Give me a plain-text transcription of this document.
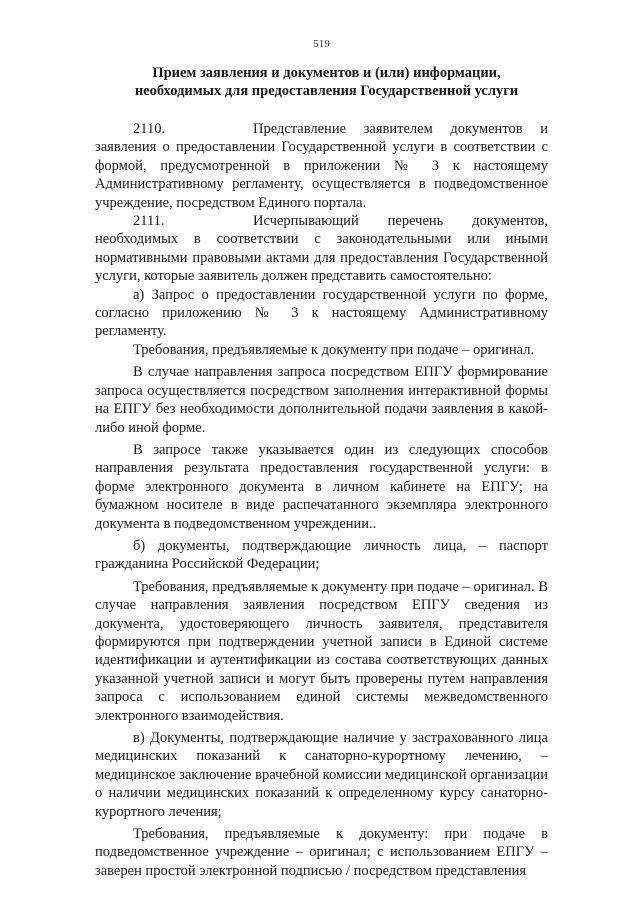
519
Прием заявления и документов и (или) информации,
необходимых для предоставления Государственной услуги

2110.	Представление заявителем документов и заявления о предоставлении Государственной услуги в соответствии с формой, предусмотренной в приложении № 3 к настоящему Административному регламенту, осуществляется в подведомственное учреждение, посредством Единого портала.

2111.	Исчерпывающий перечень документов, необходимых в соответствии с законодательными или иными нормативными правовыми актами для предоставления Государственной услуги, которые заявитель должен представить самостоятельно:

а) Запрос о предоставлении государственной услуги по форме, согласно приложению № 3 к настоящему Административному регламенту.

Требования, предъявляемые к документу при подаче – оригинал.

В случае направления запроса посредством ЕПГУ формирование запроса осуществляется посредством заполнения интерактивной формы на ЕПГУ без необходимости дополнительной подачи заявления в какой-либо иной форме.

В запросе также указывается один из следующих способов направления результата предоставления государственной услуги: в форме электронного документа в личном кабинете на ЕПГУ; на бумажном носителе в виде распечатанного экземпляра электронного документа в подведомственном учреждении..

б) документы, подтверждающие личность лица, – паспорт гражданина Российской Федерации;

Требования, предъявляемые к документу при подаче – оригинал. В случае направления заявления посредством ЕПГУ сведения из документа, удостоверяющего личность заявителя, представителя формируются при подтверждении учетной записи в Единой системе идентификации и аутентификации из состава соответствующих данных указанной учетной записи и могут быть проверены путем направления запроса с использованием единой системы межведомственного электронного взаимодействия.

в) Документы, подтверждающие наличие у застрахованного лица медицинских показаний к санаторно-курортному лечению, – медицинское заключение врачебной комиссии медицинской организации о наличии медицинских показаний к определенному курсу санаторно-курортного лечения;

Требования, предъявляемые к документу: при подаче в подведомственное учреждение – оригинал; с использованием ЕПГУ – заверен простой электронной подписью / посредством представления
